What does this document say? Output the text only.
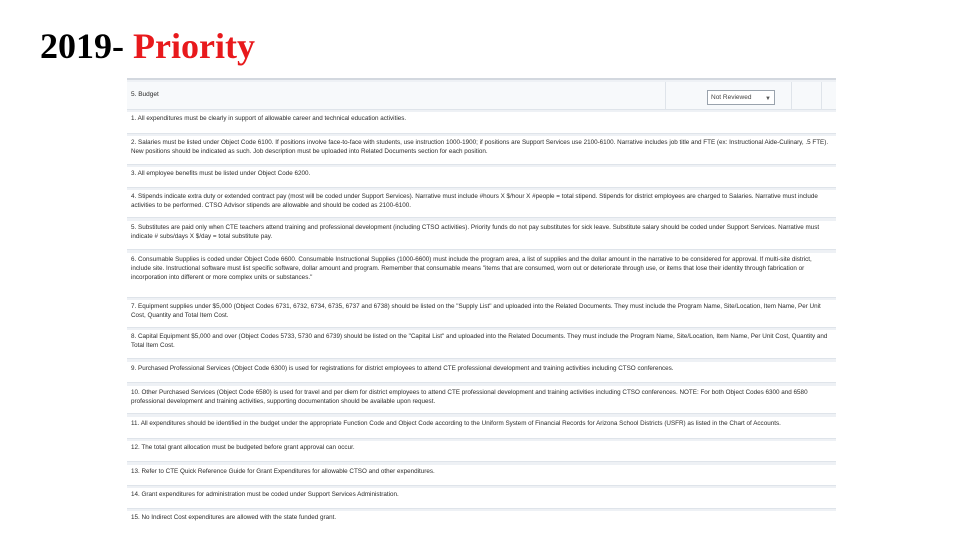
2019- Priority
5. Budget	Not Reviewed ▼
1. All expenditures must be clearly in support of allowable career and technical education activities.
2. Salaries must be listed under Object Code 6100. If positions involve face-to-face with students, use instruction 1000-1900; if positions are Support Services use 2100-6100. Narrative includes job title and FTE (ex: Instructional Aide-Culinary, .5 FTE). New positions should be indicated as such. Job description must be uploaded into Related Documents section for each position.
3. All employee benefits must be listed under Object Code 6200.
4. Stipends indicate extra duty or extended contract pay (most will be coded under Support Services). Narrative must include #hours X $/hour X #people = total stipend. Stipends for district employees are charged to Salaries. Narrative must include activities to be performed. CTSO Advisor stipends are allowable and should be coded as 2100-6100.
5. Substitutes are paid only when CTE teachers attend training and professional development (including CTSO activities). Priority funds do not pay substitutes for sick leave. Substitute salary should be coded under Support Services. Narrative must indicate # subs/days X $/day = total substitute pay.
6. Consumable Supplies is coded under Object Code 6600. Consumable Instructional Supplies (1000-6600) must include the program area, a list of supplies and the dollar amount in the narrative to be considered for approval. If multi-site district, include site. Instructional software must list specific software, dollar amount and program. Remember that consumable means "items that are consumed, worn out or deteriorate through use, or items that lose their identity through fabrication or incorporation into different or more complex units or substances."
7. Equipment supplies under $5,000 (Object Codes 6731, 6732, 6734, 6735, 6737 and 6738) should be listed on the "Supply List" and uploaded into the Related Documents. They must include the Program Name, Site/Location, Item Name, Per Unit Cost, Quantity and Total Item Cost.
8. Capital Equipment $5,000 and over (Object Codes 5733, 5730 and 6739) should be listed on the "Capital List" and uploaded into the Related Documents. They must include the Program Name, Site/Location, Item Name, Per Unit Cost, Quantity and Total Item Cost.
9. Purchased Professional Services (Object Code 6300) is used for registrations for district employees to attend CTE professional development and training activities including CTSO conferences.
10. Other Purchased Services (Object Code 6580) is used for travel and per diem for district employees to attend CTE professional development and training activities including CTSO conferences. NOTE: For both Object Codes 6300 and 6580 professional development and training activities, supporting documentation should be available upon request.
11. All expenditures should be identified in the budget under the appropriate Function Code and Object Code according to the Uniform System of Financial Records for Arizona School Districts (USFR) as listed in the Chart of Accounts.
12. The total grant allocation must be budgeted before grant approval can occur.
13. Refer to CTE Quick Reference Guide for Grant Expenditures for allowable CTSO and other expenditures.
14. Grant expenditures for administration must be coded under Support Services Administration.
15. No Indirect Cost expenditures are allowed with the state funded grant.
